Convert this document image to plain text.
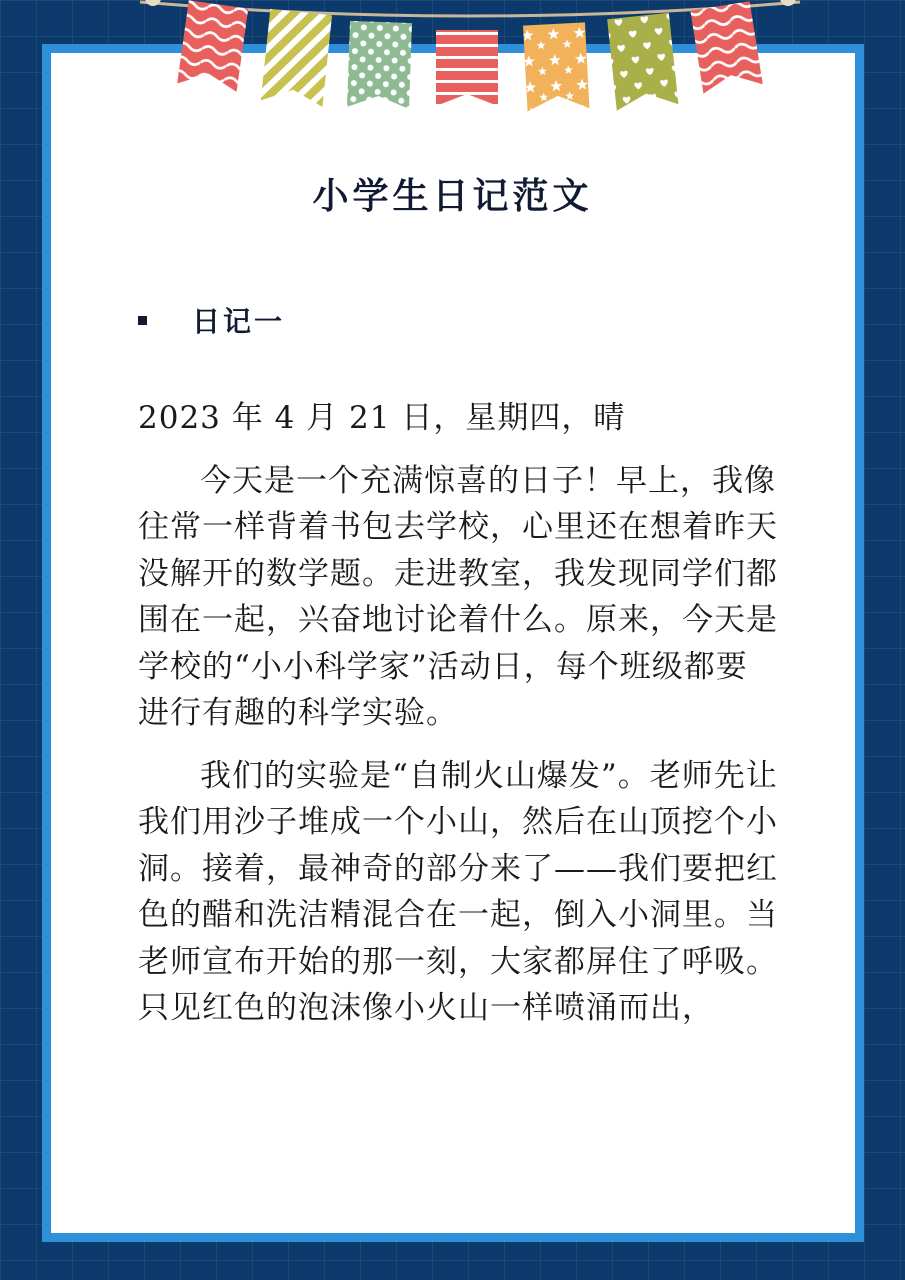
小学生日记范文
日记一

2023 年 4 月 21 日，星期四，晴

今天是一个充满惊喜的日子！早上，我像往常一样背着书包去学校，心里还在想着昨天没解开的数学题。走进教室，我发现同学们都围在一起，兴奋地讨论着什么。原来，今天是学校的“小小科学家”活动日，每个班级都要进行有趣的科学实验。

我们的实验是“自制火山爆发”。老师先让我们用沙子堆成一个小山，然后在山顶挖个小洞。接着，最神奇的部分来了——我们要把红色的醋和洗洁精混合在一起，倒入小洞里。当老师宣布开始的那一刻，大家都屏住了呼吸。只见红色的泡沫像小火山一样喷涌而出，
